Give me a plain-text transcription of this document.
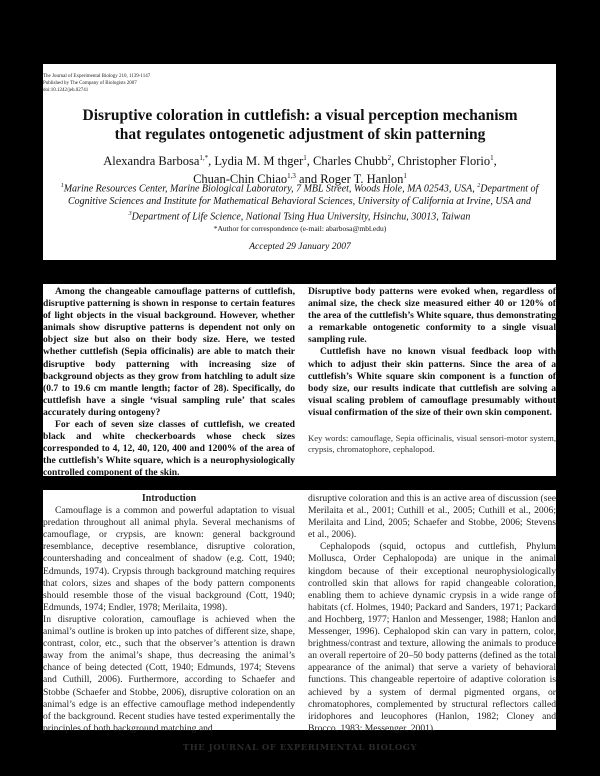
The Journal of Experimental Biology 210, 1139-1147
Published by The Company of Biologists 2007
doi:10.1242/jeb.02741
Disruptive coloration in cuttlefish: a visual perception mechanism that regulates ontogenetic adjustment of skin patterning
Alexandra Barbosa$^{1,*}$, Lydia M. M thger$^1$, Charles Chubb$^2$, Christopher Florio$^1$,
Chuan-Chin Chiao$^{1,3}$ and Roger T. Hanlon$^1$
$^1$Marine Resources Center, Marine Biological Laboratory, 7 MBL Street, Woods Hole, MA 02543, USA, $^2$Department of Cognitive Sciences and Institute for Mathematical Behavioral Sciences, University of California at Irvine, USA and
$^3$Department of Life Science, National Tsing Hua University, Hsinchu, 30013, Taiwan
*Author for correspondence (e-mail: abarbosa@mbl.edu)
Accepted 29 January 2007

Among the changeable camouflage patterns of cuttlefish, disruptive patterning is shown in response to certain features of light objects in the visual background. However, whether animals show disruptive patterns is dependent not only on object size but also on their body size. Here, we tested whether cuttlefish (Sepia officinalis) are able to match their disruptive body patterning with increasing size of background objects as they grow from hatchling to adult size (0.7 to 19.6 cm mantle length; factor of 28). Specifically, do cuttlefish have a single ‘visual sampling rule’ that scales accurately during ontogeny?

For each of seven size classes of cuttlefish, we created black and white checkerboards whose check sizes corresponded to 4, 12, 40, 120, 400 and 1200% of the area of the cuttlefish’s White square, which is a neurophysiologically controlled component of the skin.

Disruptive body patterns were evoked when, regardless of animal size, the check size measured either 40 or 120% of the area of the cuttlefish’s White square, thus demonstrating a remarkable ontogenetic conformity to a single visual sampling rule.

Cuttlefish have no known visual feedback loop with which to adjust their skin patterns. Since the area of a cuttlefish’s White square skin component is a function of body size, our results indicate that cuttlefish are solving a visual scaling problem of camouflage presumably without visual confirmation of the size of their own skin component.

Key words: camouflage, Sepia officinalis, visual sensori-motor system, crypsis, chromatophore, cephalopod.

Introduction

Camouflage is a common and powerful adaptation to visual predation throughout all animal phyla. Several mechanisms of camouflage, or crypsis, are known: general background resemblance, deceptive resemblance, disruptive coloration, countershading and concealment of shadow (e.g. Cott, 1940; Edmunds, 1974). Crypsis through background matching requires that colors, sizes and shapes of the body pattern components should resemble those of the visual background (Cott, 1940; Edmunds, 1974; Endler, 1978; Merilaita, 1998).

In disruptive coloration, camouflage is achieved when the animal’s outline is broken up into patches of different size, shape, contrast, color, etc., such that the observer’s attention is drawn away from the animal’s shape, thus decreasing the animal’s chance of being detected (Cott, 1940; Edmunds, 1974; Stevens and Cuthill, 2006). Furthermore, according to Schaefer and Stobbe (Schaefer and Stobbe, 2006), disruptive coloration on an animal’s edge is an effective camouflage method independently of the background. Recent studies have tested experimentally the principles of both background matching and

disruptive coloration and this is an active area of discussion (see Merilaita et al., 2001; Cuthill et al., 2005; Cuthill et al., 2006; Merilaita and Lind, 2005; Schaefer and Stobbe, 2006; Stevens et al., 2006).

Cephalopods (squid, octopus and cuttlefish, Phylum Mollusca, Order Cephalopoda) are unique in the animal kingdom because of their exceptional neurophysiologically controlled skin that allows for rapid changeable coloration, enabling them to achieve dynamic crypsis in a wide range of habitats (cf. Holmes, 1940; Packard and Sanders, 1971; Packard and Hochberg, 1977; Hanlon and Messenger, 1988; Hanlon and Messenger, 1996). Cephalopod skin can vary in pattern, color, brightness/contrast and texture, allowing the animals to produce an overall repertoire of 20–50 body patterns (defined as the total appearance of the animal) that serve a variety of behavioral functions. This changeable repertoire of adaptive coloration is achieved by a system of dermal pigmented organs, or chromatophores, complemented by structural reflectors called iridophores and leucophores (Hanlon, 1982; Cloney and Brocco, 1983; Messenger, 2001).

THE JOURNAL OF EXPERIMENTAL BIOLOGY
